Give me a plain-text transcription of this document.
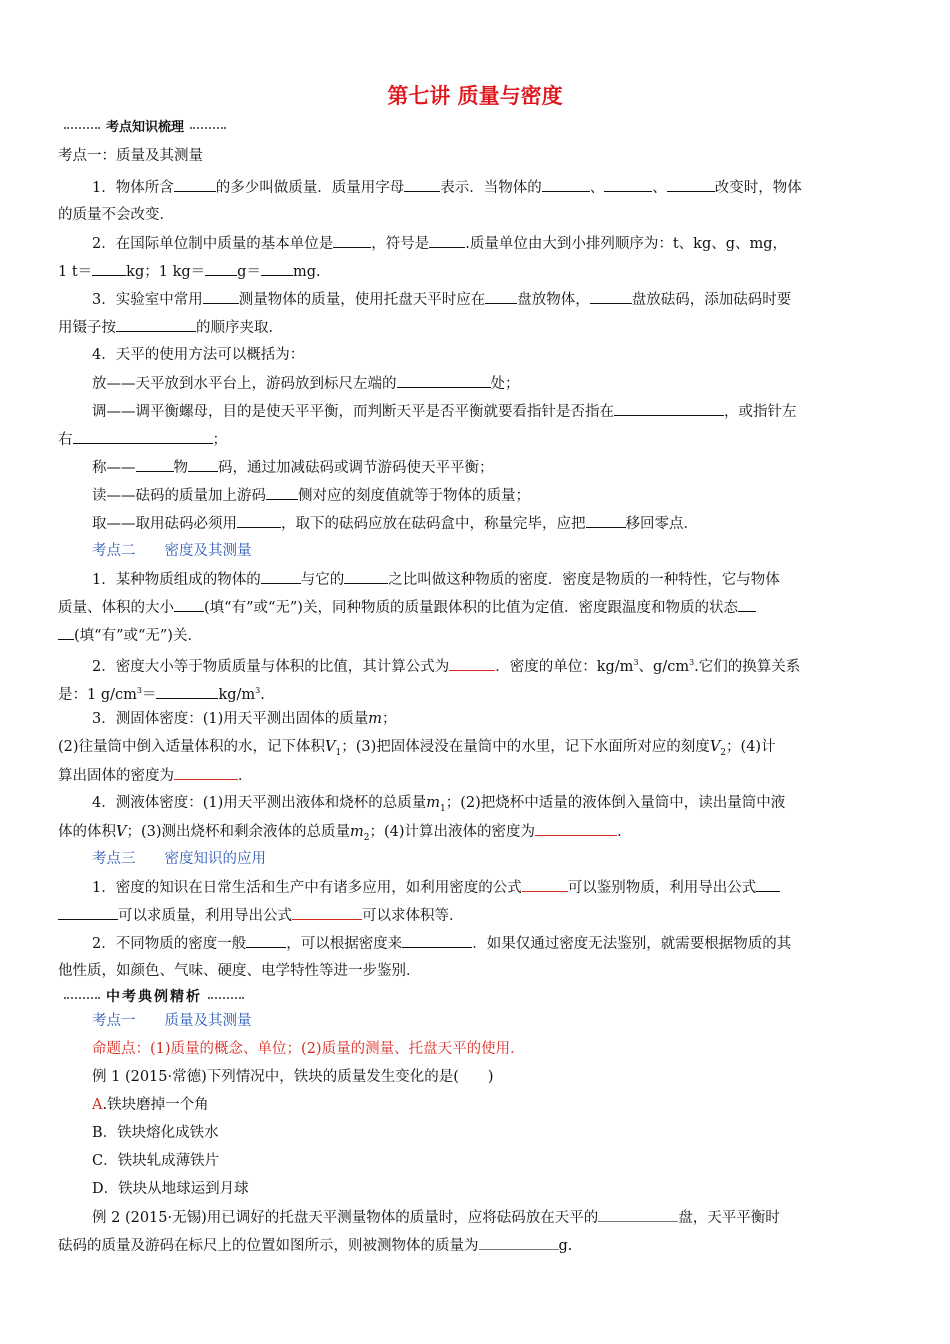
第七讲 质量与密度
考点知识梳理
考点一：质量及其测量
1．物体所含	的多少叫做质量．质量用字母 表示．当物体的	、	、	改变时，物体
的质量不会改变．
2．在国际单位制中质量的基本单位是	，符号是 .质量单位由大到小排列顺序为：t、kg、g、mg，
1 t＝ kg；1 kg＝ g＝ mg.
3．实验室中常用 测量物体的质量，使用托盘天平时应在 盘放物体，	盘放砝码，添加砝码时要
用镊子按	的顺序夹取．
4．天平的使用方法可以概括为：
放——天平放到水平台上，游码放到标尺左端的	处；
调——调平衡螺母，目的是使天平平衡，而判断天平是否平衡就要看指针是否指在	，或指针左
右	；
称——	物 码，通过加减砝码或调节游码使天平平衡；
读——砝码的质量加上游码 侧对应的刻度值就等于物体的质量；
取——取用砝码必须用	，取下的砝码应放在砝码盒中，称量完毕，应把	移回零点．
考点二　　密度及其测量
1．某种物质组成的物体的	与它的	之比叫做这种物质的密度．密度是物质的一种特性，它与物体
质量、体积的大小 (填“有”或“无”)关，同种物质的质量跟体积的比值为定值．密度跟温度和物质的状态
(填“有”或“无”)关．
2．密度大小等于物质质量与体积的比值，其计算公式为	．密度的单位：$kg/m^3$、$g/cm^3$.它们的换算关系
是：1 $g/cm^3=$	$kg/m^3$.
3．测固体密度：(1)用天平测出固体的质量m；
(2)往量筒中倒入适量体积的水，记下体积$V_1$；(3)把固体浸没在量筒中的水里，记下水面所对应的刻度$V_2$；(4)计
算出固体的密度为	．
4．测液体密度：(1)用天平测出液体和烧杯的总质量$m_1$；(2)把烧杯中适量的液体倒入量筒中，读出量筒中液
体的体积V；(3)测出烧杯和剩余液体的总质量$m_2$；(4)计算出液体的密度为	．
考点三　　密度知识的应用
1．密度的知识在日常生活和生产中有诸多应用，如利用密度的公式	可以鉴别物质，利用导出公式
可以求质量，利用导出公式	可以求体积等．
2．不同物质的密度一般	，可以根据密度来	．如果仅通过密度无法鉴别，就需要根据物质的其
他性质，如颜色、气味、硬度、电学特性等进一步鉴别．
中考典例精析
考点一　　质量及其测量
命题点：(1)质量的概念、单位；(2)质量的测量、托盘天平的使用．
例 1 (2015·常德)下列情况中，铁块的质量发生变化的是(　　)
A.铁块磨掉一个角
B．铁块熔化成铁水
C．铁块轧成薄铁片
D．铁块从地球运到月球
例 2 (2015·无锡)用已调好的托盘天平测量物体的质量时，应将砝码放在天平的	盘，天平平衡时
砝码的质量及游码在标尺上的位置如图所示，则被测物体的质量为	g.
